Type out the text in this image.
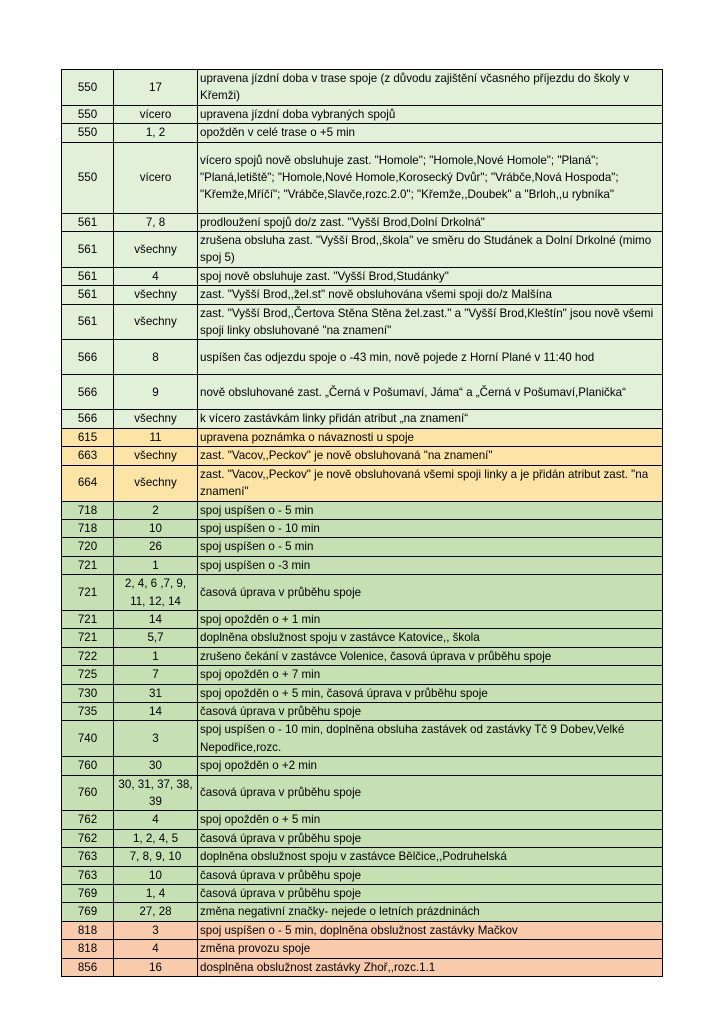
550	17	upravena jízdní doba v trase spoje (z důvodu zajištění včasného příjezdu do školy v Křemži)
550	vícero	upravena jízdní doba vybraných spojů
550	1, 2	opožděn v celé trase o +5 min
550	vícero	vícero spojů nově obsluhuje zast. "Homole"; "Homole,Nové Homole"; "Planá"; "Planá,letiště"; "Homole,Nové Homole,Korosecký Dvůr"; "Vrábče,Nová Hospoda"; "Křemže,Mříčí"; "Vrábče,Slavče,rozc.2.0"; "Křemže,,Doubek" a "Brloh,,u rybníka"
561	7, 8	prodloužení spojů do/z zast. "Vyšší Brod,Dolní Drkolná"
561	všechny	zrušena obsluha zast. "Vyšší Brod,,škola" ve směru do Studánek a Dolní Drkolné (mimo spoj 5)
561	4	spoj nově obsluhuje zast. "Vyšší Brod,Studánky"
561	všechny	zast. "Vyšší Brod,,žel.st" nově obsluhována všemi spoji do/z Malšína
561	všechny	zast. "Vyšší Brod,,Čertova Stěna Stěna žel.zast." a "Vyšší Brod,Kleštín" jsou nově všemi spoji linky obsluhované "na znamení"
566	8	uspíšen čas odjezdu spoje o -43 min, nově pojede z Horní Plané v 11:40 hod
566	9	nově obsluhované zast. „Černá v Pošumaví, Jáma“ a „Černá v Pošumaví,Planička“
566	všechny	k vícero zastávkám linky přidán atribut „na znamení“
615	11	upravena poznámka o návaznosti u spoje
663	všechny	zast. "Vacov,,Peckov" je nově obsluhovaná "na znamení"
664	všechny	zast. "Vacov,,Peckov" je nově obsluhovaná všemi spoji linky a je přidán atribut zast. "na znamení"
718	2	spoj uspíšen o - 5 min
718	10	spoj uspíšen o - 10 min
720	26	spoj uspíšen o - 5 min
721	1	spoj uspíšen o -3 min
721	2, 4, 6 ,7, 9, 11, 12, 14	časová úprava v průběhu spoje
721	14	spoj opožděn o + 1 min
721	5,7	doplněna obslužnost spoju v zastávce Katovice,, škola
722	1	zrušeno čekání v zastávce Volenice, časová úprava v průběhu spoje
725	7	spoj opožděn o + 7 min
730	31	spoj opožděn o + 5 min, časová úprava v průběhu spoje
735	14	časová úprava v průběhu spoje
740	3	spoj uspíšen o - 10 min, doplněna obsluha zastávek od zastávky Tč 9 Dobev,Velké Nepodřice,rozc.
760	30	spoj opožděn o +2 min
760	30, 31, 37, 38, 39	časová úprava v průběhu spoje
762	4	spoj opožděn o + 5 min
762	1, 2, 4, 5	časová úprava v průběhu spoje
763	7, 8, 9, 10	doplněna obslužnost spoju v zastávce Bělčice,,Podruhelská
763	10	časová úprava v průběhu spoje
769	1, 4	časová úprava v průběhu spoje
769	27, 28	změna negativní značky- nejede o letních prázdninách
818	3	spoj uspíšen o - 5 min, doplněna obslužnost zastávky Mačkov
818	4	změna provozu spoje
856	16	dosplněna obslužnost zastávky Zhoř,,rozc.1.1
